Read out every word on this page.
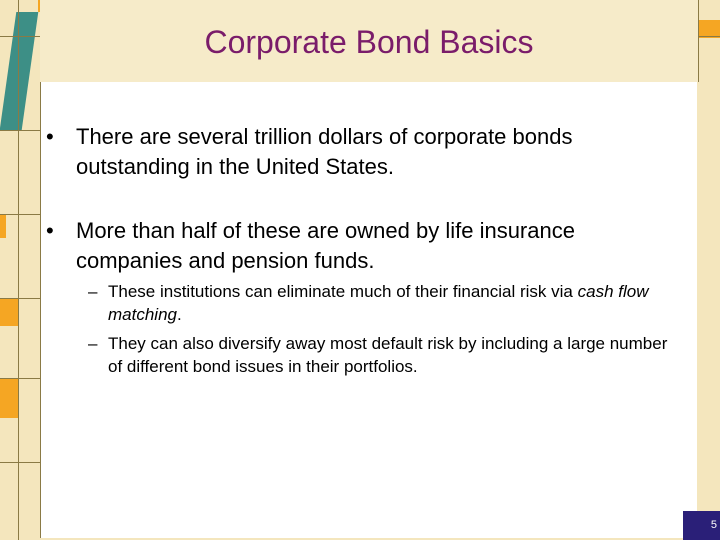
Corporate Bond Basics
• There are several trillion dollars of corporate bonds outstanding in the United States.
• More than half of these are owned by life insurance companies and pension funds.
– These institutions can eliminate much of their financial risk via cash flow matching.
– They can also diversify away most default risk by including a large number of different bond issues in their portfolios.
5
